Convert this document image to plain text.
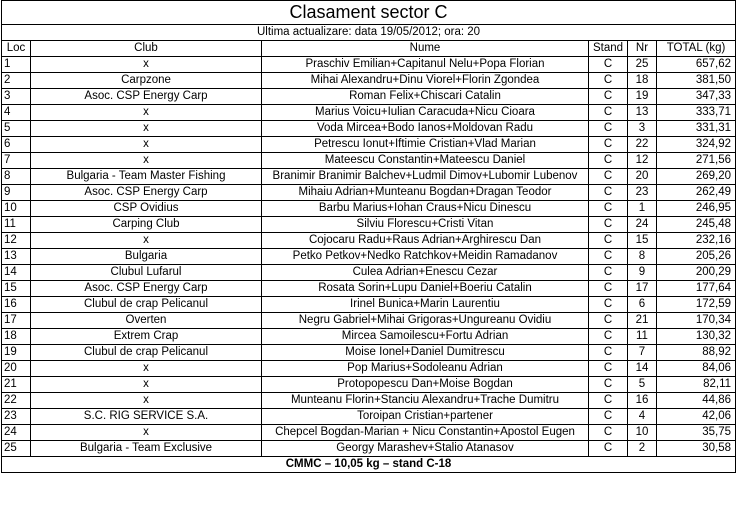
Clasament sector C					
Ultima actualizare: data 19/05/2012; ora: 20					
Loc	Club	Nume	Stand	Nr	TOTAL (kg)
1	x	Praschiv Emilian+Capitanul Nelu+Popa Florian	C	25	657,62
2	Carpzone	Mihai Alexandru+Dinu Viorel+Florin Zgondea	C	18	381,50
3	Asoc. CSP Energy Carp	Roman Felix+Chiscari Catalin	C	19	347,33
4	x	Marius Voicu+Iulian Caracuda+Nicu Cioara	C	13	333,71
5	x	Voda Mircea+Bodo Ianos+Moldovan Radu	C	3	331,31
6	x	Petrescu Ionut+Iftimie Cristian+Vlad Marian	C	22	324,92
7	x	Mateescu Constantin+Mateescu Daniel	C	12	271,56
8	Bulgaria - Team Master Fishing	Branimir Branimir Balchev+Ludmil Dimov+Lubomir Lubenov	C	20	269,20
9	Asoc. CSP Energy Carp	Mihaiu Adrian+Munteanu Bogdan+Dragan Teodor	C	23	262,49
10	CSP Ovidius	Barbu Marius+Iohan Craus+Nicu Dinescu	C	1	246,95
11	Carping Club	Silviu Florescu+Cristi Vitan	C	24	245,48
12	x	Cojocaru Radu+Raus Adrian+Arghirescu Dan	C	15	232,16
13	Bulgaria	Petko Petkov+Nedko Ratchkov+Meidin Ramadanov	C	8	205,26
14	Clubul Lufarul	Culea Adrian+Enescu Cezar	C	9	200,29
15	Asoc. CSP Energy Carp	Rosata Sorin+Lupu Daniel+Boeriu Catalin	C	17	177,64
16	Clubul de crap Pelicanul	Irinel Bunica+Marin Laurentiu	C	6	172,59
17	Overten	Negru Gabriel+Mihai Grigoras+Ungureanu Ovidiu	C	21	170,34
18	Extrem Crap	Mircea Samoilescu+Fortu Adrian	C	11	130,32
19	Clubul de crap Pelicanul	Moise Ionel+Daniel Dumitrescu	C	7	88,92
20	x	Pop Marius+Sodoleanu Adrian	C	14	84,06
21	x	Protopopescu Dan+Moise Bogdan	C	5	82,11
22	x	Munteanu Florin+Stanciu Alexandru+Trache Dumitru	C	16	44,86
23	S.C. RIG SERVICE S.A.	Toroipan Cristian+partener	C	4	42,06
24	x	Chepcel Bogdan-Marian + Nicu Constantin+Apostol Eugen	C	10	35,75
25	Bulgaria - Team Exclusive	Georgy Marashev+Stalio Atanasov	C	2	30,58
CMMC – 10,05 kg – stand C-18					
